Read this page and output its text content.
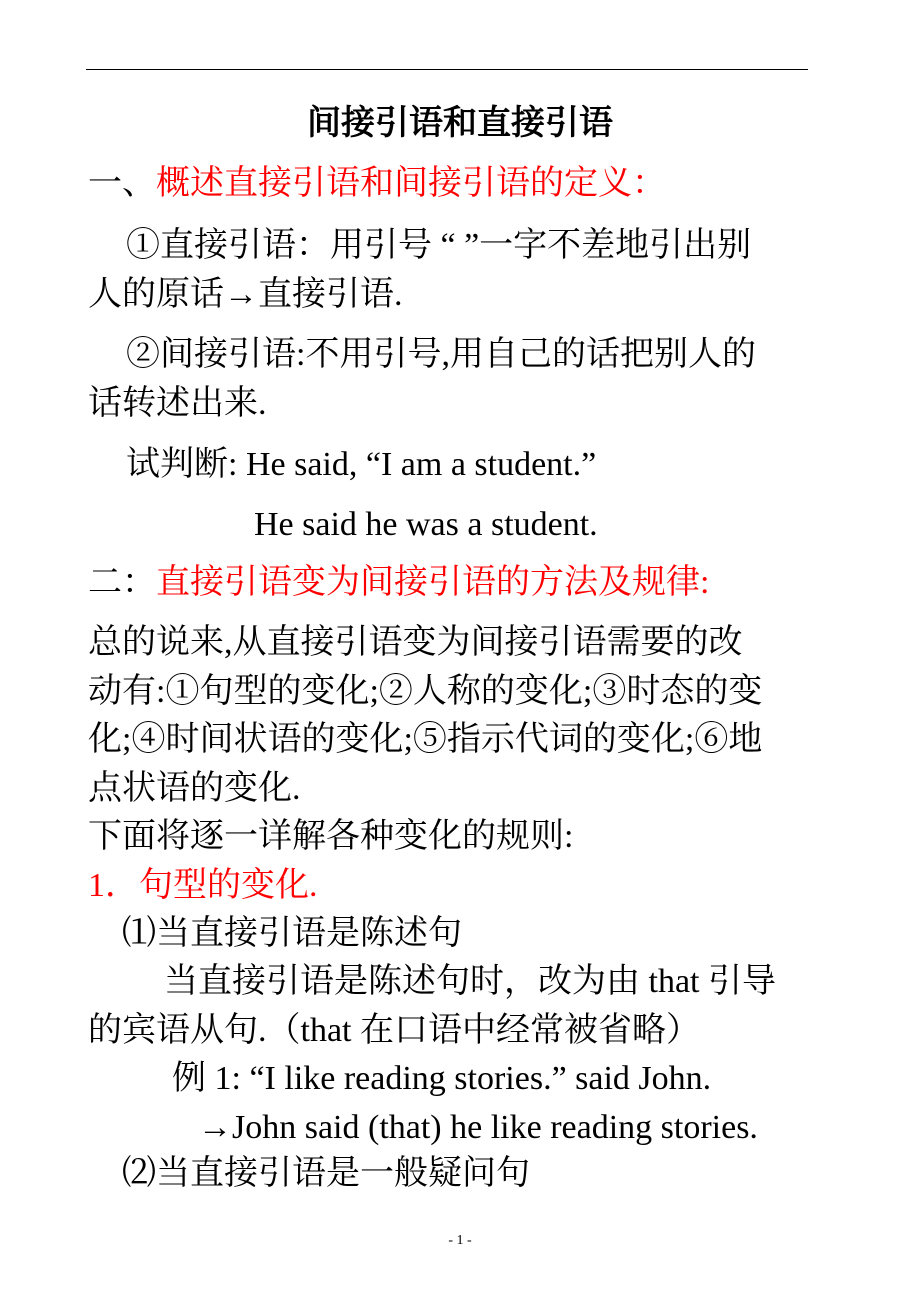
间接引语和直接引语
一、概述直接引语和间接引语的定义：
①直接引语：用引号 “ ”一字不差地引出别
人的原话→直接引语.
②间接引语:不用引号,用自己的话把别人的
话转述出来.
试判断: He said, “I am a student.”
He said he was a student.
二：直接引语变为间接引语的方法及规律:
总的说来,从直接引语变为间接引语需要的改
动有:①句型的变化;②人称的变化;③时态的变
化;④时间状语的变化;⑤指示代词的变化;⑥地
点状语的变化.
下面将逐一详解各种变化的规则:
1．句型的变化.
⑴当直接引语是陈述句
当直接引语是陈述句时，改为由 that 引导
的宾语从句.（that 在口语中经常被省略）
例 1: “I like reading stories.” said John.
→John said (that) he like reading stories.
⑵当直接引语是一般疑问句
- 1 -
